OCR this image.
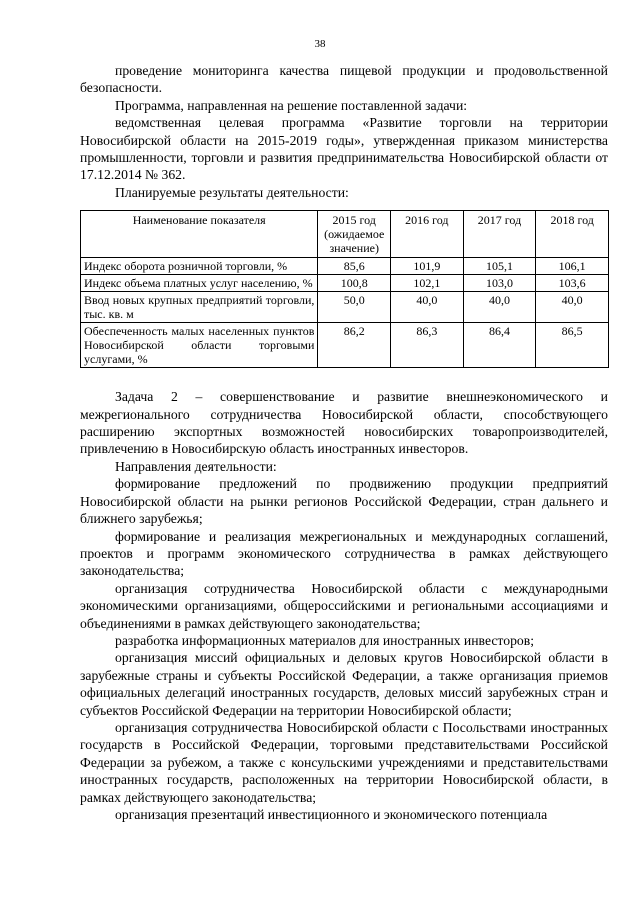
38

проведение мониторинга качества пищевой продукции и продовольственной безопасности.

Программа, направленная на решение поставленной задачи:

ведомственная целевая программа «Развитие торговли на территории Новосибирской области на 2015-2019 годы», утвержденная приказом министерства промышленности, торговли и развития предпринимательства Новосибирской области от 17.12.2014 № 362.

Планируемые результаты деятельности:

Наименование показателя	2015 год (ожидаемое значение)	2016 год	2017 год	2018 год
Индекс оборота розничной торговли, %	85,6	101,9	105,1	106,1
Индекс объема платных услуг населению, %	100,8	102,1	103,0	103,6
Ввод новых крупных предприятий торговли, тыс. кв. м	50,0	40,0	40,0	40,0
Обеспеченность малых населенных пунктов Новосибирской области торговыми услугами, %	86,2	86,3	86,4	86,5

Задача 2 – совершенствование и развитие внешнеэкономического и межрегионального сотрудничества Новосибирской области, способствующего расширению экспортных возможностей новосибирских товаропроизводителей, привлечению в Новосибирскую область иностранных инвесторов.

Направления деятельности:

формирование предложений по продвижению продукции предприятий Новосибирской области на рынки регионов Российской Федерации, стран дальнего и ближнего зарубежья;

формирование и реализация межрегиональных и международных соглашений, проектов и программ экономического сотрудничества в рамках действующего законодательства;

организация сотрудничества Новосибирской области с международными экономическими организациями, общероссийскими и региональными ассоциациями и объединениями в рамках действующего законодательства;

разработка информационных материалов для иностранных инвесторов;

организация миссий официальных и деловых кругов Новосибирской области в зарубежные страны и субъекты Российской Федерации, а также организация приемов официальных делегаций иностранных государств, деловых миссий зарубежных стран и субъектов Российской Федерации на территории Новосибирской области;

организация сотрудничества Новосибирской области с Посольствами иностранных государств в Российской Федерации, торговыми представительствами Российской Федерации за рубежом, а также с консульскими учреждениями и представительствами иностранных государств, расположенных на территории Новосибирской области, в рамках действующего законодательства;

организация презентаций инвестиционного и экономического потенциала
